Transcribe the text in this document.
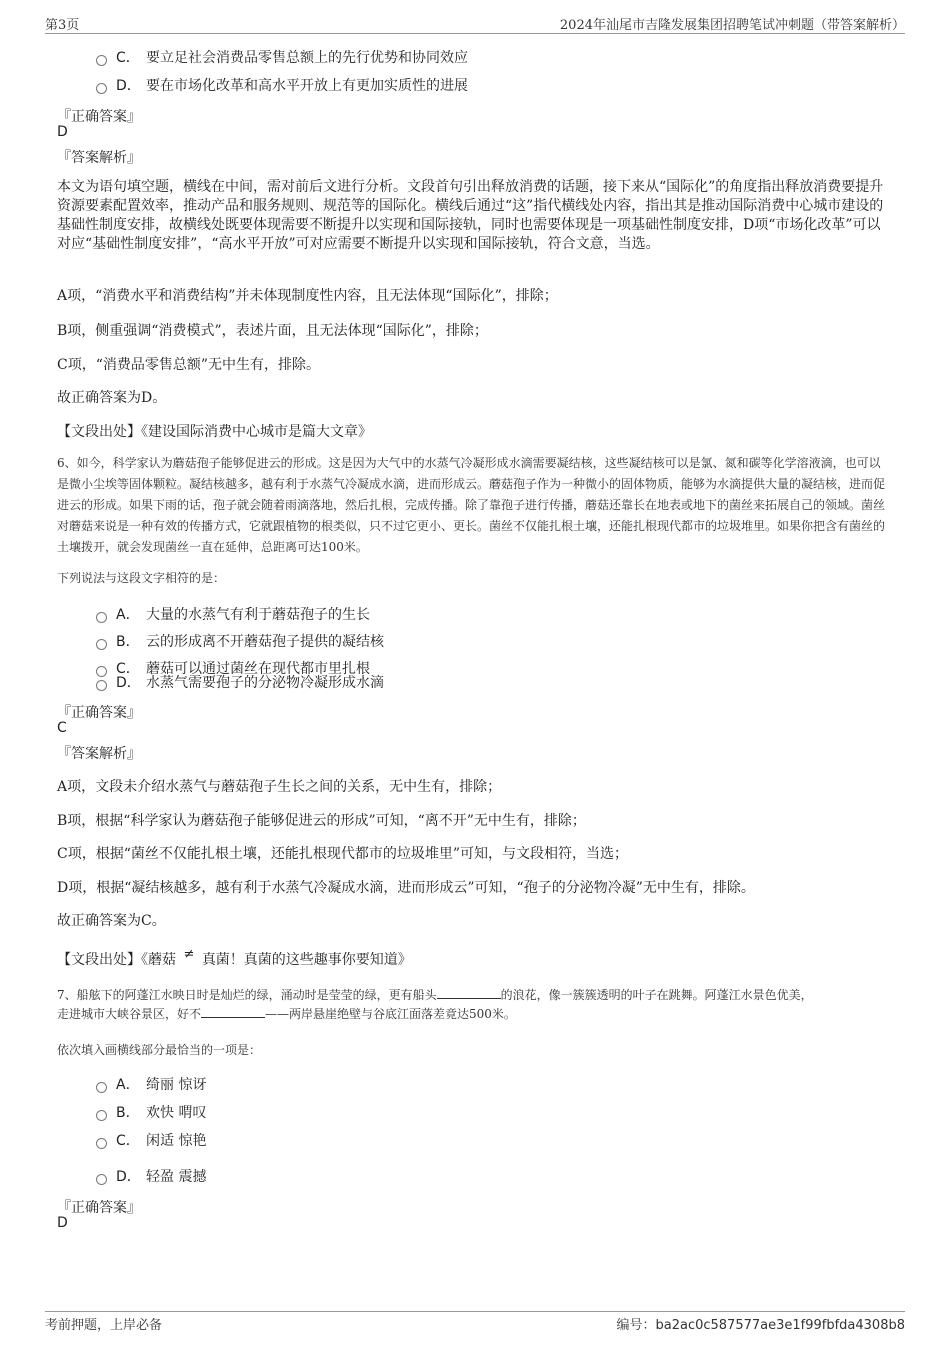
第3页	2024年汕尾市吉隆发展集团招聘笔试冲刺题（带答案解析）
C． 要立足社会消费品零售总额上的先行优势和协同效应
D． 要在市场化改革和高水平开放上有更加实质性的进展
『正确答案』
D
『答案解析』
本文为语句填空题，横线在中间，需对前后文进行分析。文段首句引出释放消费的话题，接下来从“国际化”的角度指出释放消费要提升资源要素配置效率，推动产品和服务规则、规范等的国际化。横线后通过“这”指代横线处内容，指出其是推动国际消费中心城市建设的基础性制度安排，故横线处既要体现需要不断提升以实现和国际接轨，同时也需要体现是一项基础性制度安排，D项“市场化改革”可以对应“基础性制度安排”，“高水平开放”可对应需要不断提升以实现和国际接轨，符合文意，当选。
A项，“消费水平和消费结构”并未体现制度性内容，且无法体现“国际化”，排除；
B项，侧重强调“消费模式”，表述片面，且无法体现“国际化”，排除；
C项，“消费品零售总额”无中生有，排除。
故正确答案为D。
【文段出处】《建设国际消费中心城市是篇大文章》
6、如今，科学家认为蘑菇孢子能够促进云的形成。这是因为大气中的水蒸气冷凝形成水滴需要凝结核，这些凝结核可以是氯、氮和碳等化学溶液滴，也可以是微小尘埃等固体颗粒。凝结核越多，越有利于水蒸气冷凝成水滴，进而形成云。蘑菇孢子作为一种微小的固体物质，能够为水滴提供大量的凝结核，进而促进云的形成。如果下雨的话，孢子就会随着雨滴落地，然后扎根，完成传播。除了靠孢子进行传播，蘑菇还靠长在地表或地下的菌丝来拓展自己的领域。菌丝对蘑菇来说是一种有效的传播方式，它就跟植物的根类似，只不过它更小、更长。菌丝不仅能扎根土壤，还能扎根现代都市的垃圾堆里。如果你把含有菌丝的土壤拨开，就会发现菌丝一直在延伸，总距离可达100米。
下列说法与这段文字相符的是：
A． 大量的水蒸气有利于蘑菇孢子的生长
B． 云的形成离不开蘑菇孢子提供的凝结核
C． 蘑菇可以通过菌丝在现代都市里扎根
D． 水蒸气需要孢子的分泌物冷凝形成水滴
『正确答案』
C
『答案解析』
A项，文段未介绍水蒸气与蘑菇孢子生长之间的关系，无中生有，排除；
B项，根据“科学家认为蘑菇孢子能够促进云的形成”可知，“离不开”无中生有，排除；
C项，根据“菌丝不仅能扎根土壤，还能扎根现代都市的垃圾堆里”可知，与文段相符，当选；
D项，根据“凝结核越多，越有利于水蒸气冷凝成水滴，进而形成云”可知，“孢子的分泌物冷凝”无中生有，排除。
故正确答案为C。
【文段出处】《蘑菇 ≠ 真菌！真菌的这些趣事你要知道》
7、船舷下的阿蓬江水映日时是灿烂的绿，涌动时是莹莹的绿，更有船头	的浪花，像一簇簇透明的叶子在跳舞。阿蓬江水景色优美，
走进城市大峡谷景区，好不	——两岸悬崖绝壁与谷底江面落差竟达500米。
依次填入画横线部分最恰当的一项是：
A． 绮丽 惊讶
B． 欢快 喟叹
C． 闲适 惊艳
D． 轻盈 震撼
『正确答案』
D
考前押题，上岸必备	编号：ba2ac0c587577ae3e1f99fbfda4308b8
